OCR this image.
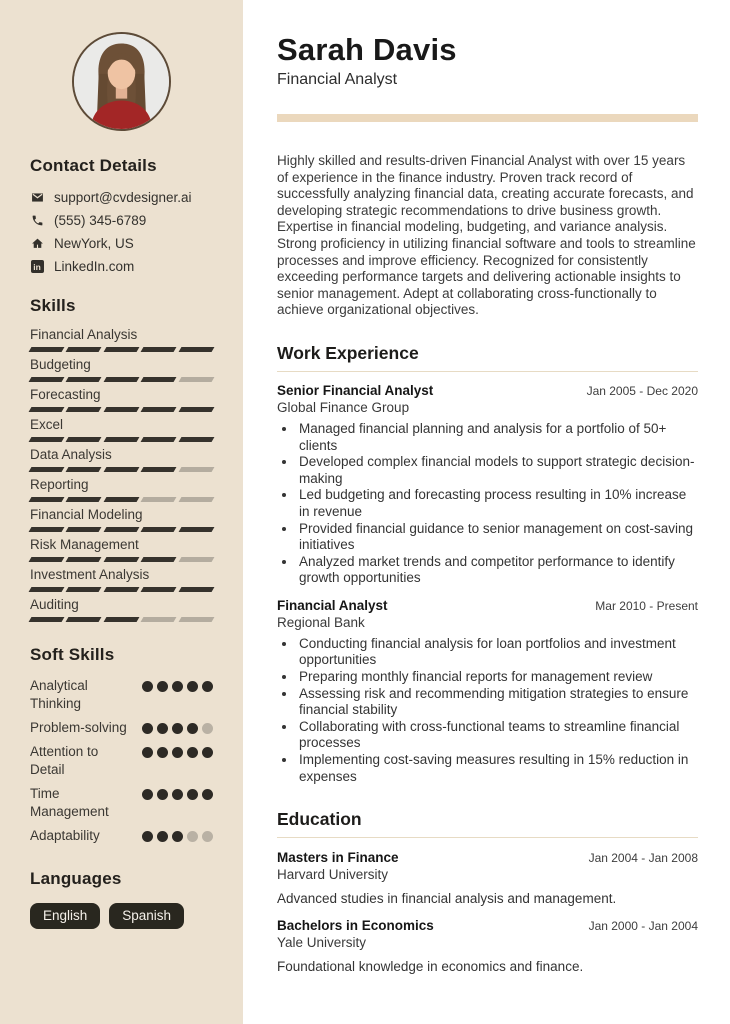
Contact Details
support@cvdesigner.ai
(555) 345-6789
NewYork, US
in LinkedIn.com
Skills
Financial Analysis
Budgeting
Forecasting
Excel
Data Analysis
Reporting
Financial Modeling
Risk Management
Investment Analysis
Auditing
Soft Skills
Analytical Thinking
Problem-solving
Attention to Detail
Time Management
Adaptability
Languages
English	Spanish
Sarah Davis
Financial Analyst

Highly skilled and results-driven Financial Analyst with over 15 years of experience in the finance industry. Proven track record of successfully analyzing financial data, creating accurate forecasts, and developing strategic recommendations to drive business growth. Expertise in financial modeling, budgeting, and variance analysis. Strong proficiency in utilizing financial software and tools to streamline processes and improve efficiency. Recognized for consistently exceeding performance targets and delivering actionable insights to senior management. Adept at collaborating cross-functionally to achieve organizational objectives.

Work Experience
Senior Financial Analyst	Jan 2005 - Dec 2020
Global Finance Group
• Managed financial planning and analysis for a portfolio of 50+ clients
• Developed complex financial models to support strategic decision-making
• Led budgeting and forecasting process resulting in 10% increase in revenue
• Provided financial guidance to senior management on cost-saving initiatives
• Analyzed market trends and competitor performance to identify growth opportunities
Financial Analyst	Mar 2010 - Present
Regional Bank
• Conducting financial analysis for loan portfolios and investment opportunities
• Preparing monthly financial reports for management review
• Assessing risk and recommending mitigation strategies to ensure financial stability
• Collaborating with cross-functional teams to streamline financial processes
• Implementing cost-saving measures resulting in 15% reduction in expenses
Education
Masters in Finance	Jan 2004 - Jan 2008
Harvard University

Advanced studies in financial analysis and management.

Bachelors in Economics	Jan 2000 - Jan 2004
Yale University

Foundational knowledge in economics and finance.
